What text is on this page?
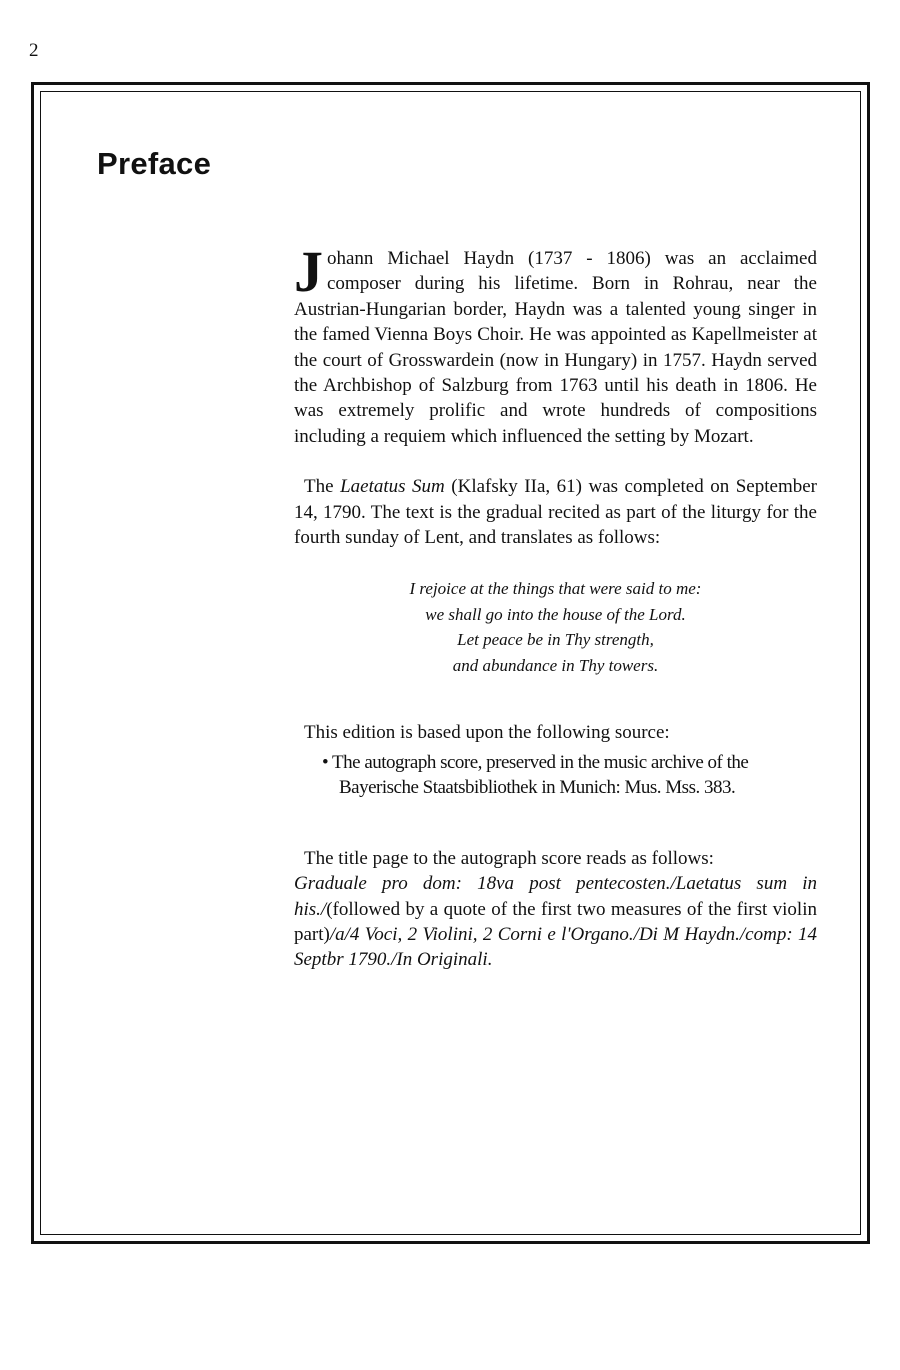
2
Preface

Johann Michael Haydn (1737 - 1806) was an acclaimed composer during his lifetime. Born in Rohrau, near the Austrian-Hungarian border, Haydn was a talented young singer in the famed Vienna Boys Choir. He was appointed as Kapellmeister at the court of Grosswardein (now in Hungary) in 1757. Haydn served the Archbishop of Salzburg from 1763 until his death in 1806. He was extremely prolific and wrote hundreds of compositions including a requiem which influenced the setting by Mozart.

The Laetatus Sum (Klafsky IIa, 61) was completed on September 14, 1790. The text is the gradual recited as part of the liturgy for the fourth sunday of Lent, and translates as follows:

I rejoice at the things that were said to me:
we shall go into the house of the Lord.
Let peace be in Thy strength,
and abundance in Thy towers.

This edition is based upon the following source:

• The autograph score, preserved in the music archive of the Bayerische Staatsbibliothek in Munich: Mus. Mss. 383.

The title page to the autograph score reads as follows:
Graduale pro dom: 18va post pentecosten./Laetatus sum in his./(followed by a quote of the first two measures of the first violin part)/a/4 Voci, 2 Violini, 2 Corni e l'Organo./Di M Haydn./comp: 14 Septbr 1790./In Originali.
